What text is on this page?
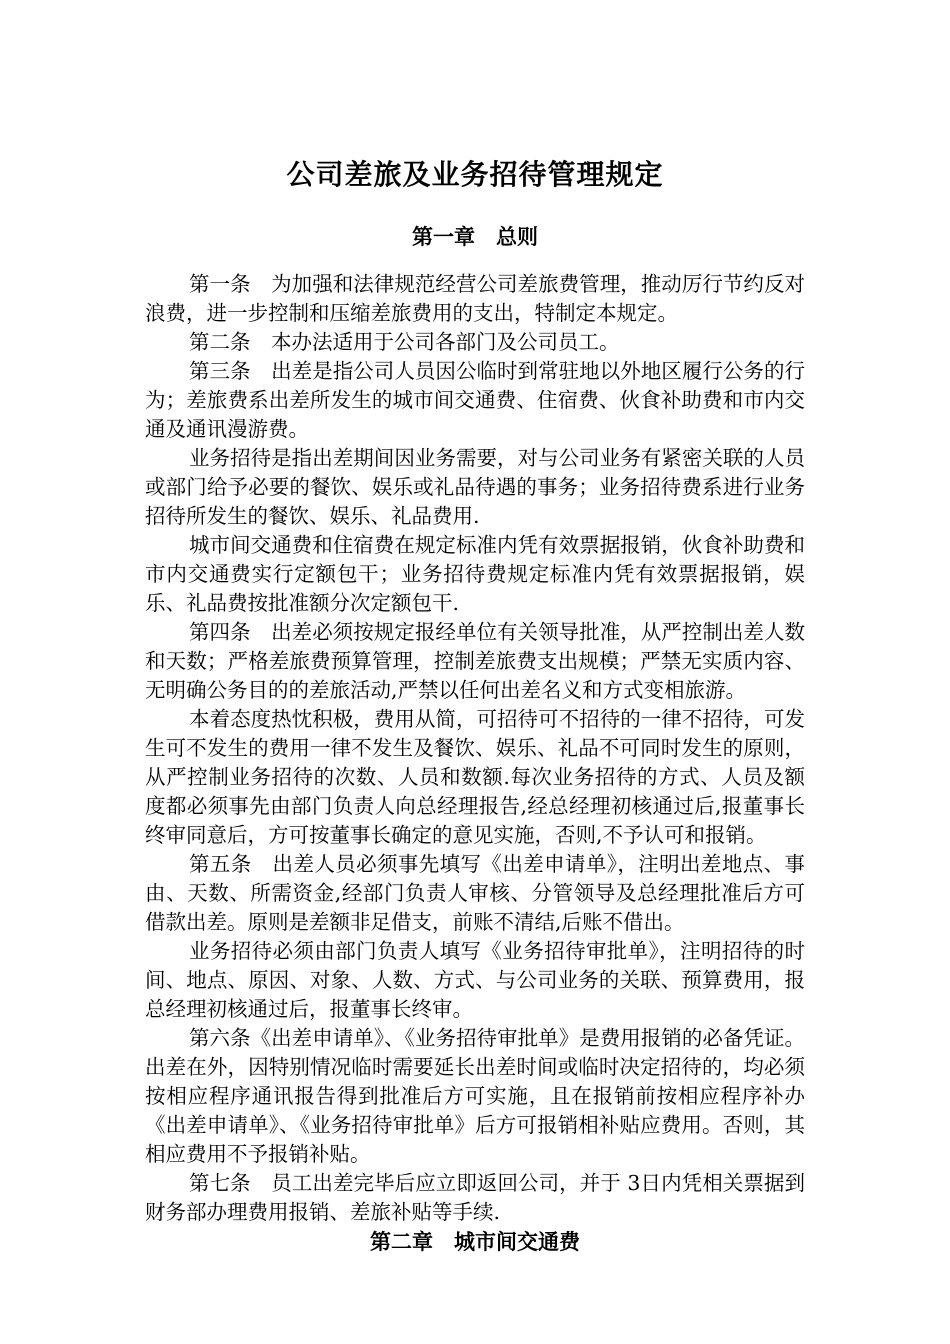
公司差旅及业务招待管理规定
第一章　总则

第一条　为加强和法律规范经营公司差旅费管理，推动厉行节约反对浪费，进一步控制和压缩差旅费用的支出，特制定本规定。

第二条　本办法适用于公司各部门及公司员工。

第三条　出差是指公司人员因公临时到常驻地以外地区履行公务的行为；差旅费系出差所发生的城市间交通费、住宿费、伙食补助费和市内交通及通讯漫游费。

业务招待是指出差期间因业务需要，对与公司业务有紧密关联的人员或部门给予必要的餐饮、娱乐或礼品待遇的事务；业务招待费系进行业务招待所发生的餐饮、娱乐、礼品费用.

城市间交通费和住宿费在规定标准内凭有效票据报销，伙食补助费和市内交通费实行定额包干；业务招待费规定标准内凭有效票据报销，娱乐、礼品费按批准额分次定额包干.

第四条　出差必须按规定报经单位有关领导批准，从严控制出差人数和天数；严格差旅费预算管理，控制差旅费支出规模；严禁无实质内容、无明确公务目的的差旅活动,严禁以任何出差名义和方式变相旅游。

本着态度热忱积极，费用从简，可招待可不招待的一律不招待，可发生可不发生的费用一律不发生及餐饮、娱乐、礼品不可同时发生的原则，从严控制业务招待的次数、人员和数额.每次业务招待的方式、人员及额度都必须事先由部门负责人向总经理报告,经总经理初核通过后,报董事长终审同意后，方可按董事长确定的意见实施，否则,不予认可和报销。

第五条　出差人员必须事先填写《出差申请单》，注明出差地点、事由、天数、所需资金,经部门负责人审核、分管领导及总经理批准后方可借款出差。原则是差额非足借支，前账不清结,后账不借出。

业务招待必须由部门负责人填写《业务招待审批单》，注明招待的时间、地点、原因、对象、人数、方式、与公司业务的关联、预算费用，报总经理初核通过后，报董事长终审。

第六条《出差申请单》、《业务招待审批单》是费用报销的必备凭证。出差在外，因特别情况临时需要延长出差时间或临时决定招待的，均必须按相应程序通讯报告得到批准后方可实施，且在报销前按相应程序补办《出差申请单》、《业务招待审批单》后方可报销相补贴应费用。否则，其相应费用不予报销补贴。

第七条　员工出差完毕后应立即返回公司，并于 3日内凭相关票据到财务部办理费用报销、差旅补贴等手续.

第二章　城市间交通费
